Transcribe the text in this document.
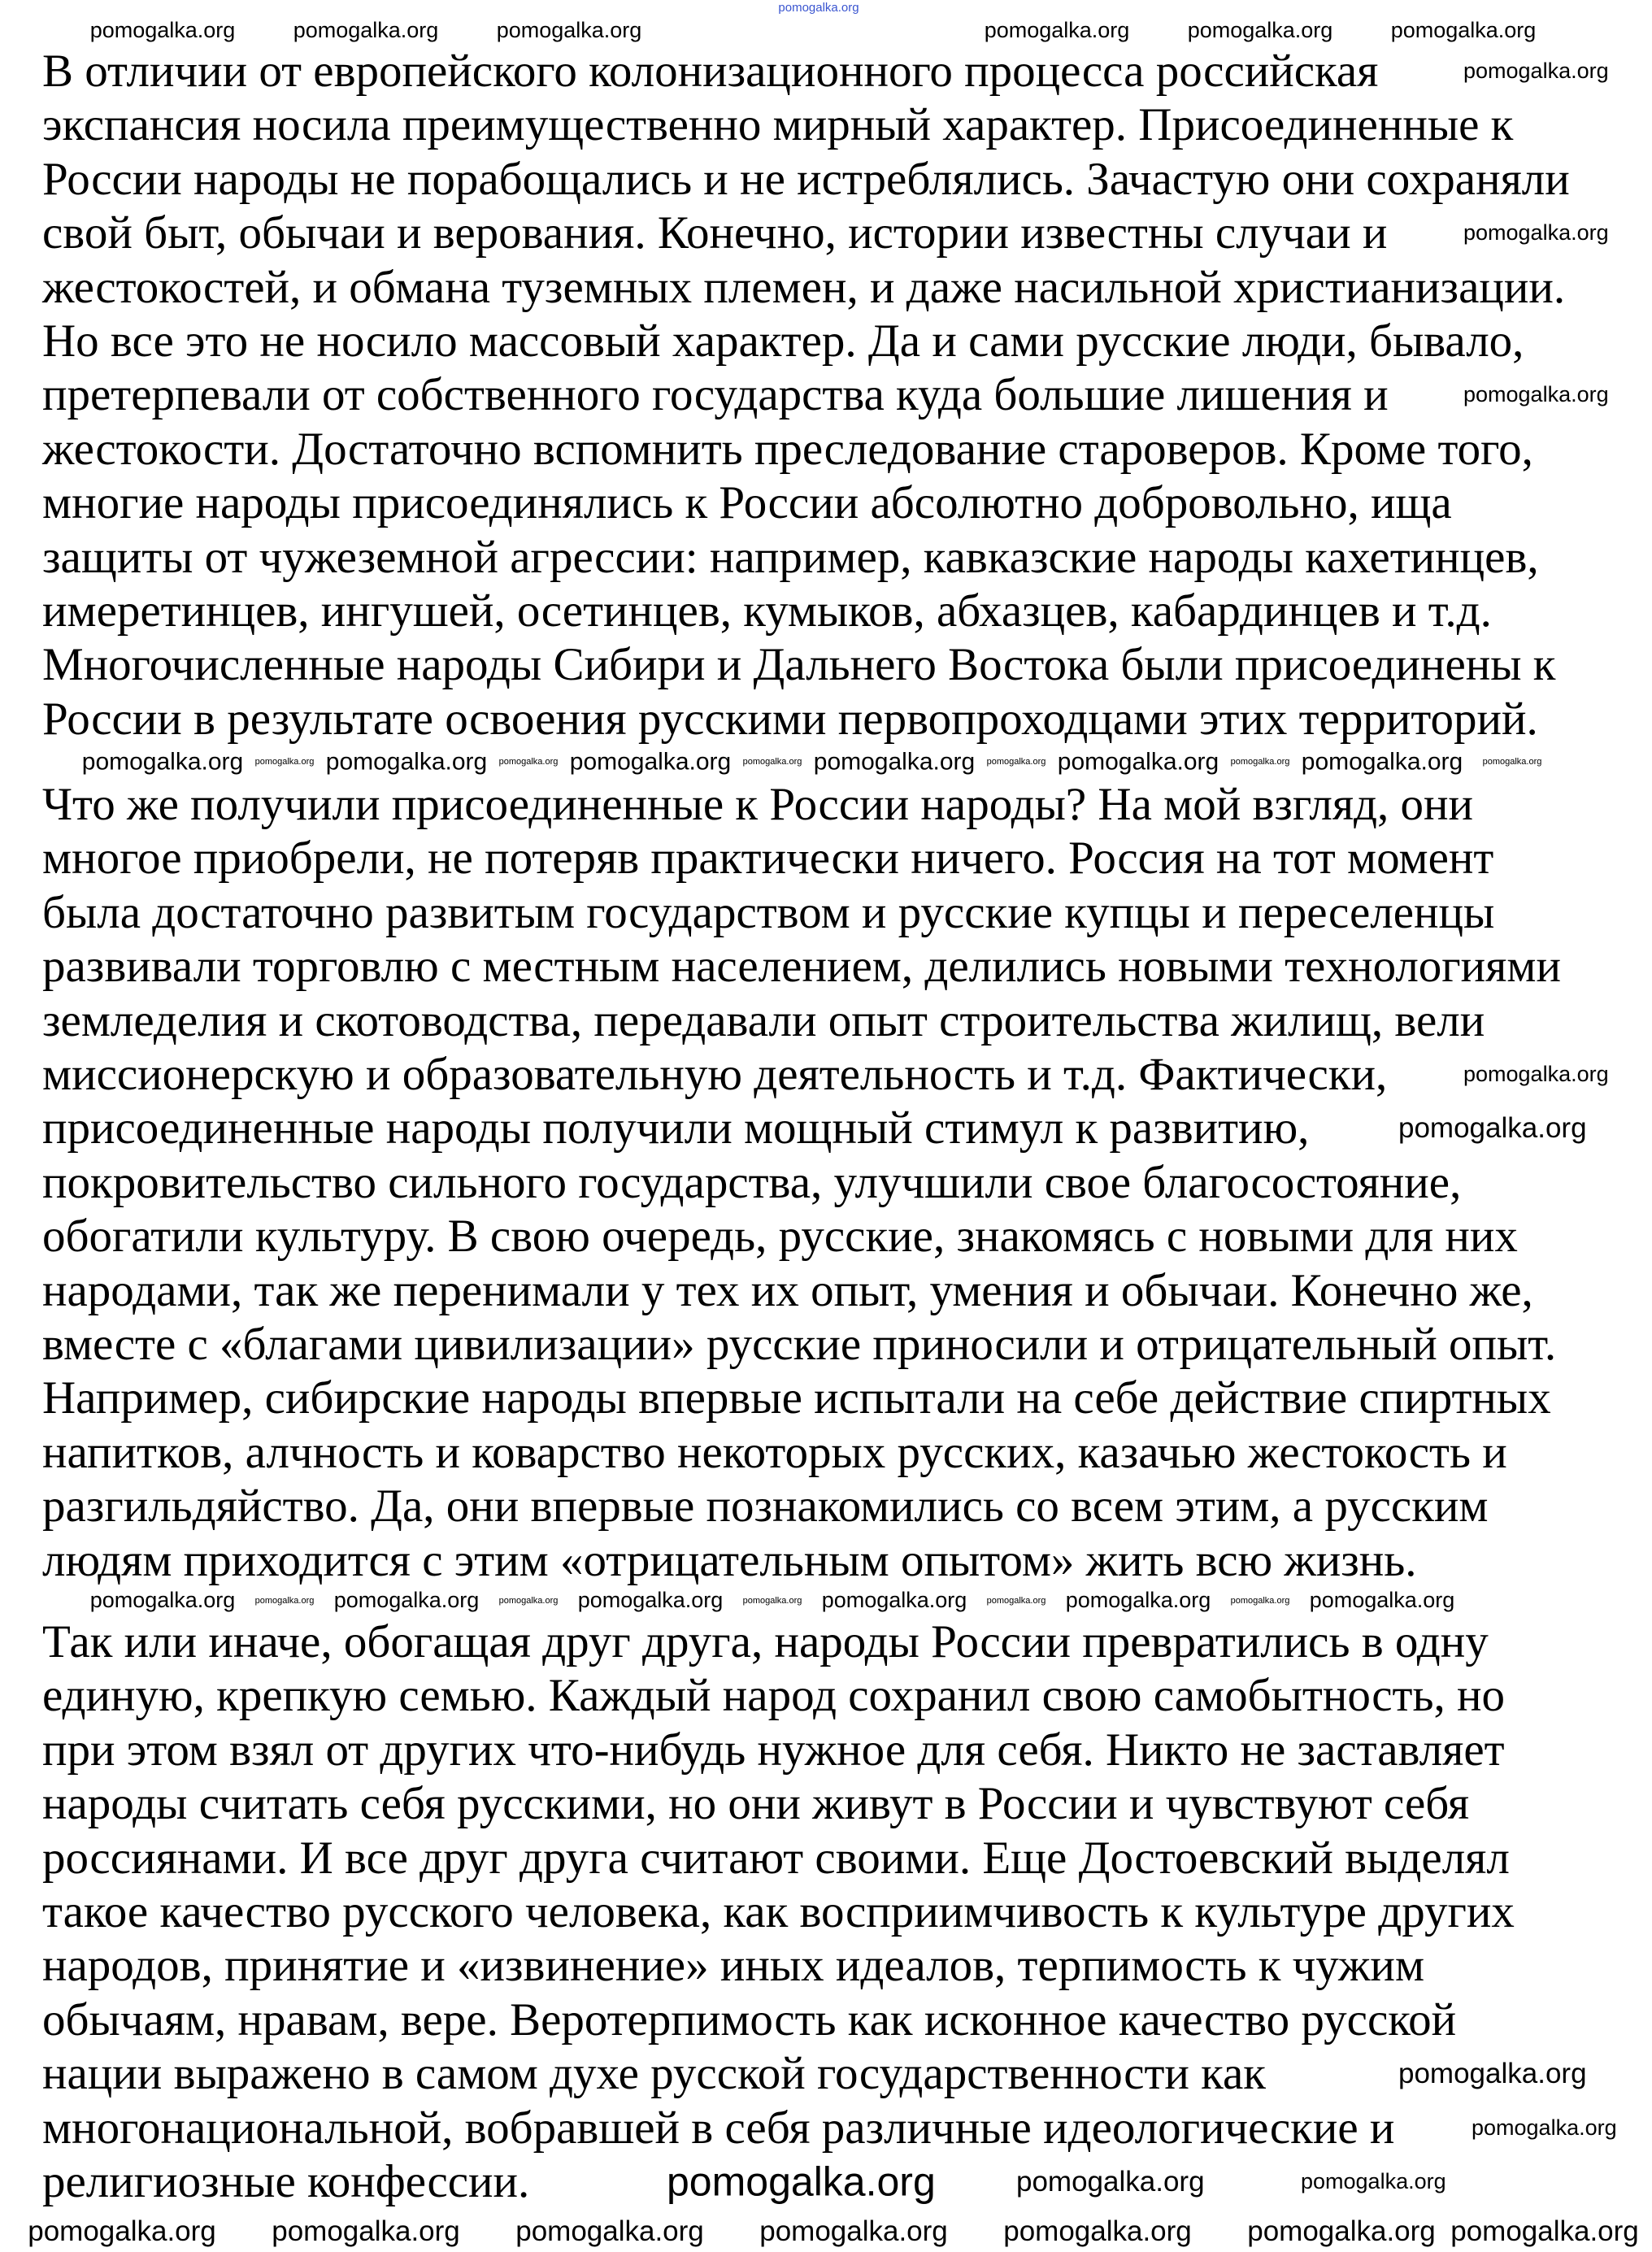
pomogalka.org
В отличии от европейского колонизационного процесса российская
экспансия носила преимущественно мирный характер. Присоединенные к
России народы не порабощались и не истреблялись. Зачастую они сохраняли
свой быт, обычаи и верования. Конечно, истории известны случаи и
жестокостей, и обмана туземных племен, и даже насильной христианизации.
Но все это не носило массовый характер. Да и сами русские люди, бывало,
претерпевали от собственного государства куда большие лишения и
жестокости. Достаточно вспомнить преследование староверов. Кроме того,
многие народы присоединялись к России абсолютно добровольно, ища
защиты от чужеземной агрессии: например, кавказские народы кахетинцев,
имеретинцев, ингушей, осетинцев, кумыков, абхазцев, кабардинцев и т.д.
Многочисленные народы Сибири и Дальнего Востока были присоединены к
России в результате освоения русскими первопроходцами этих территорий.
Что же получили присоединенные к России народы? На мой взгляд, они
многое приобрели, не потеряв практически ничего. Россия на тот момент
была достаточно развитым государством и русские купцы и переселенцы
развивали торговлю с местным населением, делились новыми технологиями
земледелия и скотоводства, передавали опыт строительства жилищ, вели
миссионерскую и образовательную деятельность и т.д. Фактически,
присоединенные народы получили мощный стимул к развитию,
покровительство сильного государства, улучшили свое благосостояние,
обогатили культуру. В свою очередь, русские, знакомясь с новыми для них
народами, так же перенимали у тех их опыт, умения и обычаи. Конечно же,
вместе с «благами цивилизации» русские приносили и отрицательный опыт.
Например, сибирские народы впервые испытали на себе действие спиртных
напитков, алчность и коварство некоторых русских, казачью жестокость и
разгильдяйство. Да, они впервые познакомились со всем этим, а русским
людям приходится с этим «отрицательным опытом» жить всю жизнь.
Так или иначе, обогащая друг друга, народы России превратились в одну
единую, крепкую семью. Каждый народ сохранил свою самобытность, но
при этом взял от других что-нибудь нужное для себя. Никто не заставляет
народы считать себя русскими, но они живут в России и чувствуют себя
россиянами. И все друг друга считают своими. Еще Достоевский выделял
такое качество русского человека, как восприимчивость к культуре других
народов, принятие и «извинение» иных идеалов, терпимость к чужим
обычаям, нравам, вере. Веротерпимость как исконное качество русской
нации выражено в самом духе русской государственности как
многонациональной, вобравшей в себя различные идеологические и
религиозные конфессии.
pomogalka.org	pomogalka.org	pomogalka.org	pomogalka.org	pomogalka.org	pomogalka.org
pomogalka.org
pomogalka.org
pomogalka.org
pomogalka.org
pomogalka.org
pomogalka.org
pomogalka.org
pomogalka.org	pomogalka.org	pomogalka.org
pomogalka.org	pomogalka.org	pomogalka.org	pomogalka.org	pomogalka.org	pomogalka.org
pomogalka.org	pomogalka.org	pomogalka.org	pomogalka.org	pomogalka.org	pomogalka.org
pomogalka.org	pomogalka.org	pomogalka.org	pomogalka.org	pomogalka.org	pomogalka.org
pomogalka.org	pomogalka.org	pomogalka.org	pomogalka.org	pomogalka.org
pomogalka.org pomogalka.org pomogalka.org pomogalka.org pomogalka.org pomogalka.org pomogalka.org
